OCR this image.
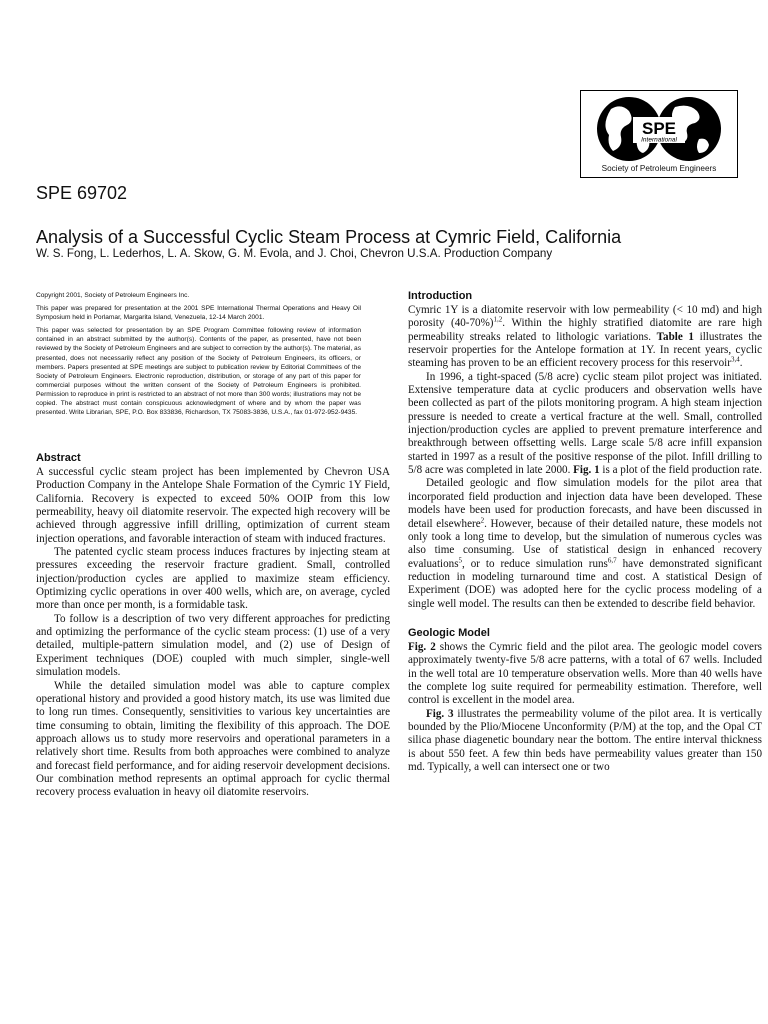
SPE
International
Society of Petroleum Engineers
SPE 69702
Analysis of a Successful Cyclic Steam Process at Cymric Field, California
W. S. Fong, L. Lederhos, L. A. Skow, G. M. Evola, and J. Choi, Chevron U.S.A. Production Company

Copyright 2001, Society of Petroleum Engineers Inc.

This paper was prepared for presentation at the 2001 SPE International Thermal Operations and Heavy Oil Symposium held in Porlamar, Margarita Island, Venezuela, 12-14 March 2001.

This paper was selected for presentation by an SPE Program Committee following review of information contained in an abstract submitted by the author(s). Contents of the paper, as presented, have not been reviewed by the Society of Petroleum Engineers and are subject to correction by the author(s). The material, as presented, does not necessarily reflect any position of the Society of Petroleum Engineers, its officers, or members. Papers presented at SPE meetings are subject to publication review by Editorial Committees of the Society of Petroleum Engineers. Electronic reproduction, distribution, or storage of any part of this paper for commercial purposes without the written consent of the Society of Petroleum Engineers is prohibited. Permission to reproduce in print is restricted to an abstract of not more than 300 words; illustrations may not be copied. The abstract must contain conspicuous acknowledgment of where and by whom the paper was presented. Write Librarian, SPE, P.O. Box 833836, Richardson, TX 75083-3836, U.S.A., fax 01-972-952-9435.

Abstract

A successful cyclic steam project has been implemented by Chevron USA Production Company in the Antelope Shale Formation of the Cymric 1Y Field, California. Recovery is expected to exceed 50% OOIP from this low permeability, heavy oil diatomite reservoir. The expected high recovery will be achieved through aggressive infill drilling, optimization of current steam injection operations, and favorable interaction of steam with induced fractures.

The patented cyclic steam process induces fractures by injecting steam at pressures exceeding the reservoir fracture gradient. Small, controlled injection/production cycles are applied to maximize steam efficiency. Optimizing cyclic operations in over 400 wells, which are, on average, cycled more than once per month, is a formidable task.

To follow is a description of two very different approaches for predicting and optimizing the performance of the cyclic steam process: (1) use of a very detailed, multiple-pattern simulation model, and (2) use of Design of Experiment techniques (DOE) coupled with much simpler, single-well simulation models.

While the detailed simulation model was able to capture complex operational history and provided a good history match, its use was limited due to long run times. Consequently, sensitivities to various key uncertainties are time consuming to obtain, limiting the flexibility of this approach. The DOE approach allows us to study more reservoirs and operational parameters in a relatively short time. Results from both approaches were combined to analyze and forecast field performance, and for aiding reservoir development decisions. Our combination method represents an optimal approach for cyclic thermal recovery process evaluation in heavy oil diatomite reservoirs.

Introduction

Cymric 1Y is a diatomite reservoir with low permeability (< 10 md) and high porosity (40-70%)$^{1,2}$. Within the highly stratified diatomite are rare high permeability streaks related to lithologic variations. Table 1 illustrates the reservoir properties for the Antelope formation at 1Y. In recent years, cyclic steaming has proven to be an efficient recovery process for this reservoir$^{3,4}$.

In 1996, a tight-spaced (5/8 acre) cyclic steam pilot project was initiated. Extensive temperature data at cyclic producers and observation wells have been collected as part of the pilots monitoring program. A high steam injection pressure is needed to create a vertical fracture at the well. Small, controlled injection/production cycles are applied to prevent premature interference and breakthrough between offsetting wells. Large scale 5/8 acre infill expansion started in 1997 as a result of the positive response of the pilot. Infill drilling to 5/8 acre was completed in late 2000. Fig. 1 is a plot of the field production rate.

Detailed geologic and flow simulation models for the pilot area that incorporated field production and injection data have been developed. These models have been used for production forecasts, and have been discussed in detail elsewhere$^2$. However, because of their detailed nature, these models not only took a long time to develop, but the simulation of numerous cycles was also time consuming. Use of statistical design in enhanced recovery evaluations$^5$, or to reduce simulation runs$^{6,7}$ have demonstrated significant reduction in modeling turnaround time and cost. A statistical Design of Experiment (DOE) was adopted here for the cyclic process modeling of a single well model. The results can then be extended to describe field behavior.

Geologic Model

Fig. 2 shows the Cymric field and the pilot area. The geologic model covers approximately twenty-five 5/8 acre patterns, with a total of 67 wells. Included in the well total are 10 temperature observation wells. More than 40 wells have the complete log suite required for permeability estimation. Therefore, well control is excellent in the model area.

Fig. 3 illustrates the permeability volume of the pilot area. It is vertically bounded by the Plio/Miocene Unconformity (P/M) at the top, and the Opal CT silica phase diagenetic boundary near the bottom. The entire interval thickness is about 550 feet. A few thin beds have permeability values greater than 150 md. Typically, a well can intersect one or two
